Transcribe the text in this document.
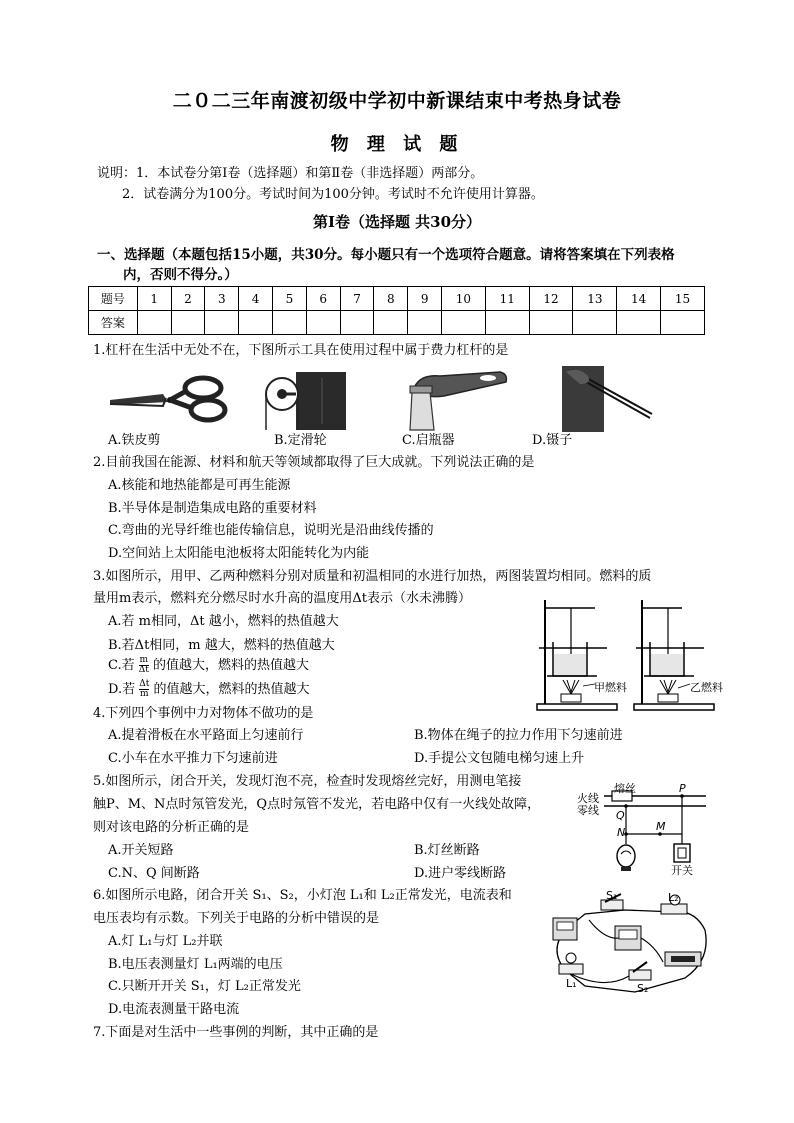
二０二三年南渡初级中学初中新课结束中考热身试卷
物 理 试 题
说明：1．本试卷分第Ⅰ卷（选择题）和第Ⅱ卷（非选择题）两部分。
2．试卷满分为100分。考试时间为100分钟。考试时不允许使用计算器。
第Ⅰ卷（选择题 共30分）
一、选择题（本题包括15小题，共30分。每小题只有一个选项符合题意。请将答案填在下列表格
内，否则不得分。）
题号	1	2	3	4	5	6	7	8	9	10	11	12	13	14	15
答案															
1.杠杆在生活中无处不在，下图所示工具在使用过程中属于费力杠杆的是
A.铁皮剪	B.定滑轮	C.启瓶器	D.镊子
2.目前我国在能源、材料和航天等领域都取得了巨大成就。下列说法正确的是
A.核能和地热能都是可再生能源
B.半导体是制造集成电路的重要材料
C.弯曲的光导纤维也能传输信息，说明光是沿曲线传播的
D.空间站上太阳能电池板将太阳能转化为内能
3.如图所示，用甲、乙两种燃料分别对质量和初温相同的水进行加热，两图装置均相同。燃料的质
量用m表示，燃料充分燃尽时水升高的温度用Δt表示（水未沸腾）
A.若 m相同，Δt 越小，燃料的热值越大
B.若Δt相同，m 越大，燃料的热值越大
C.若 $\frac{m}{\Delta t}$ 的值越大，燃料的热值越大
D.若 $\frac{\Delta t}{m}$ 的值越大，燃料的热值越大	甲燃料	乙燃料
4.下列四个事例中力对物体不做功的是
A.提着滑板在水平路面上匀速前行	B.物体在绳子的拉力作用下匀速前进
C.小车在水平推力下匀速前进	D.手提公文包随电梯匀速上升
5.如图所示，闭合开关，发现灯泡不亮，检查时发现熔丝完好，用测电笔接
触P、M、N点时氖管发光，Q点时氖管不发光，若电路中仅有一火线处故障，
则对该电路的分析正确的是
A.开关短路	B.灯丝断路
C.N、Q 间断路	D.进户零线断路
熔丝
火线
零线
P
Q
N	M
开关
6.如图所示电路，闭合开关 S₁、S₂，小灯泡 L₁和 L₂正常发光，电流表和
电压表均有示数。下列关于电路的分析中错误的是
A.灯 L₁与灯 L₂并联
B.电压表测量灯 L₁两端的电压
C.只断开开关 S₁，灯 L₂正常发光
D.电流表测量干路电流
S₁	L₂
L₁	S₂
7.下面是对生活中一些事例的判断，其中正确的是
